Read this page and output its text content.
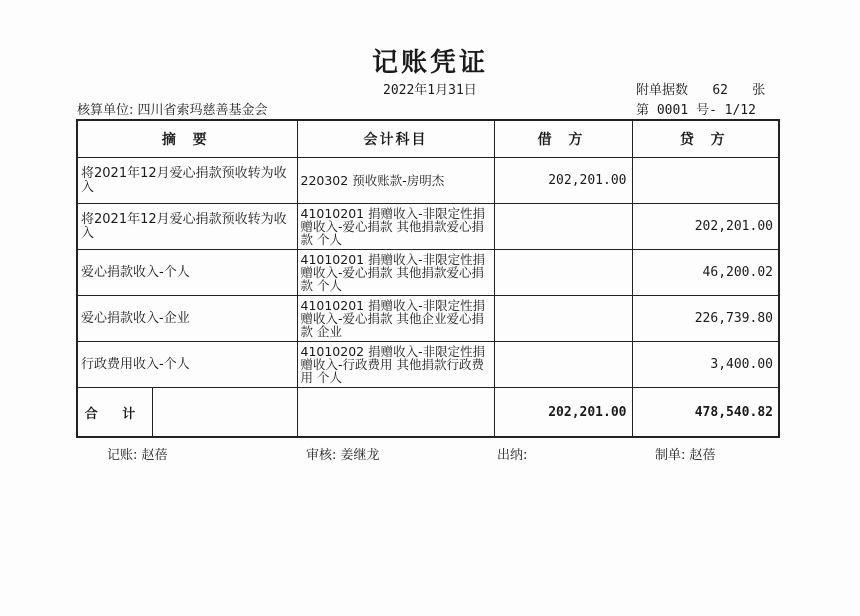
记账凭证
2022年1月31日	附单据数 62 张
核算单位: 四川省索玛慈善基金会	第 0001 号- 1/12
摘 要	会计科目	借 方	贷 方
将2021年12月爱心捐款预收转为收入	220302 预收账款-房明杰	202,201.00	
将2021年12月爱心捐款预收转为收入	41010201 捐赠收入-非限定性捐赠收入-爱心捐款 其他捐款爱心捐款 个人		202,201.00
爱心捐款收入-个人	41010201 捐赠收入-非限定性捐赠收入-爱心捐款 其他捐款爱心捐款 个人		46,200.02
爱心捐款收入-企业	41010201 捐赠收入-非限定性捐赠收入-爱心捐款 其他企业爱心捐款 企业		226,739.80
行政费用收入-个人	41010202 捐赠收入-非限定性捐赠收入-行政费用 其他捐款行政费用 个人		3,400.00

合 计		202,201.00	478,540.82
记账: 赵蓓	审核: 姜继龙	出纳:	制单: 赵蓓
